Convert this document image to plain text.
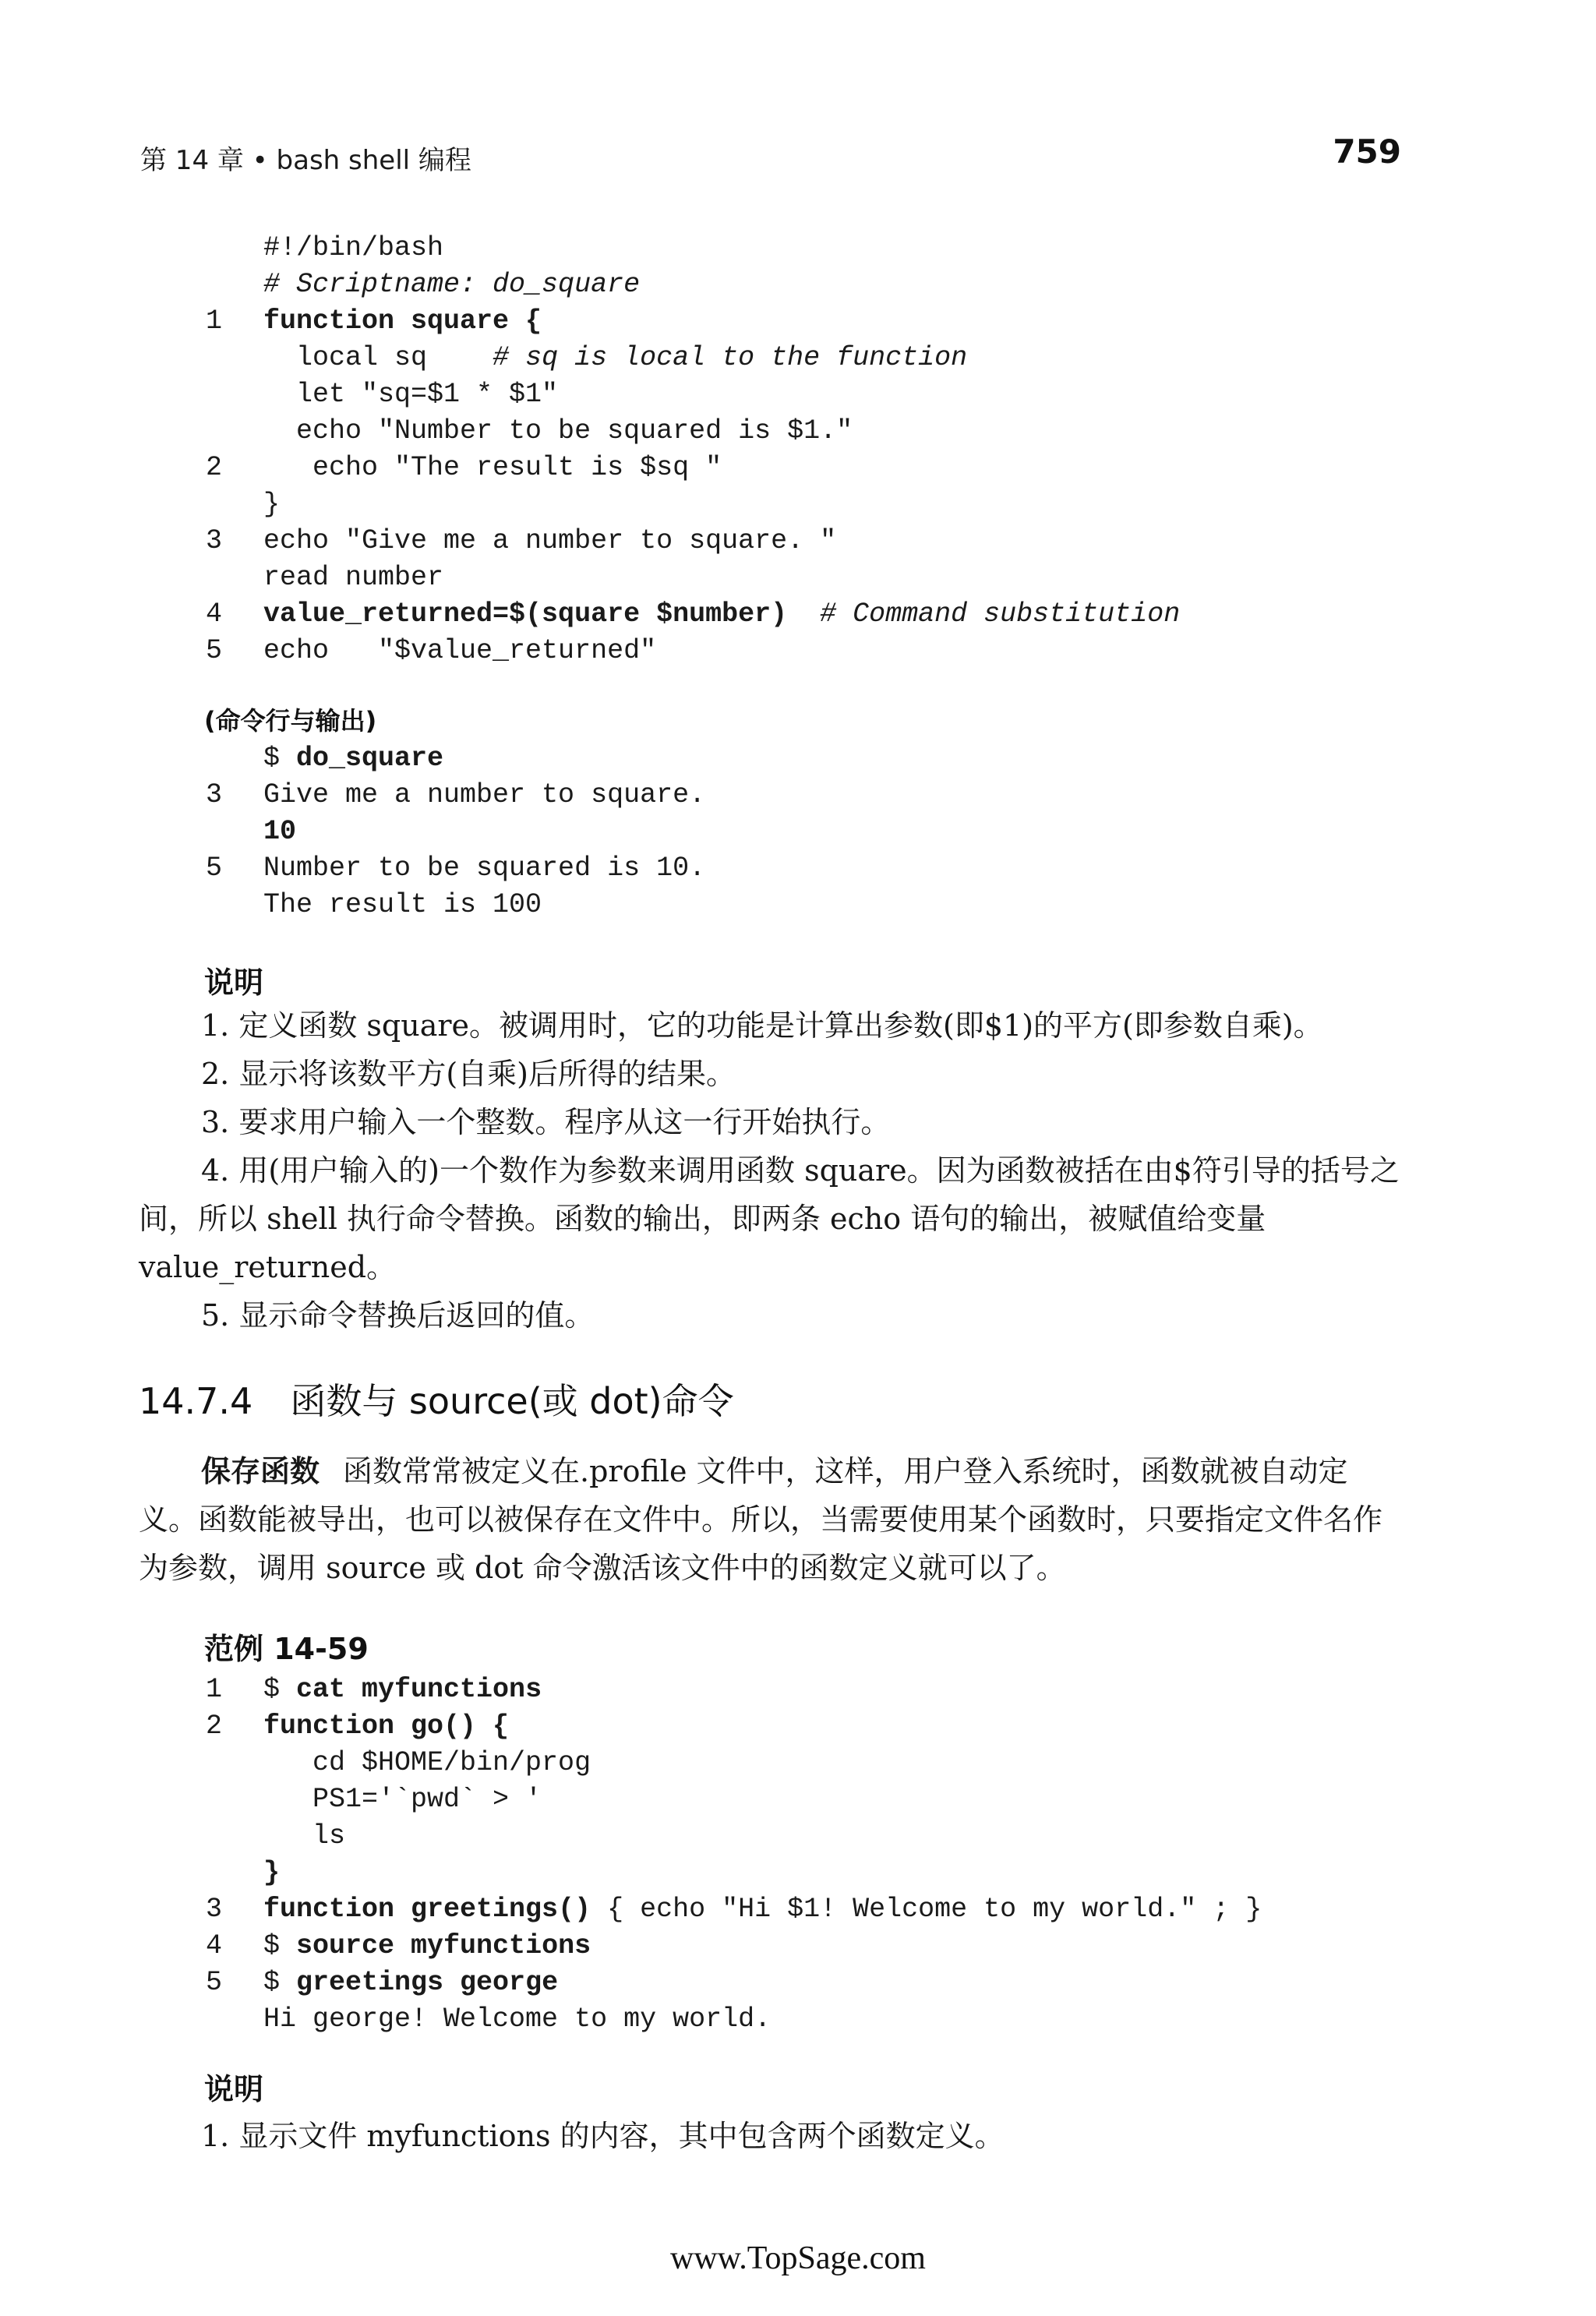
第 14 章 • bash shell 编程	759
#!/bin/bash
# Scriptname: do_square
1 function square {
local sq    # sq is local to the function
let "sq=$1 * $1"
echo "Number to be squared is $1."
2 echo "The result is $sq "
}
3 echo "Give me a number to square. "
read number
4 value_returned=$(square $number) # Command substitution
5 echo   "$value_returned"
(命令行与输出)
$ do_square
3 Give me a number to square.
10
5 Number to be squared is 10.
The result is 100
说明

1. 定义函数 square。被调用时，它的功能是计算出参数(即$1)的平方(即参数自乘)。

2. 显示将该数平方(自乘)后所得的结果。

3. 要求用户输入一个整数。程序从这一行开始执行。

4. 用(用户输入的)一个数作为参数来调用函数 square。因为函数被括在由$符引导的括号之间，所以 shell 执行命令替换。函数的输出，即两条 echo 语句的输出，被赋值给变量 value_returned。

5. 显示命令替换后返回的值。

14.7.4 函数与 source(或 dot)命令

保存函数 函数常常被定义在.profile 文件中，这样，用户登入系统时，函数就被自动定义。函数能被导出，也可以被保存在文件中。所以，当需要使用某个函数时，只要指定文件名作为参数，调用 source 或 dot 命令激活该文件中的函数定义就可以了。

范例 14-59
1 $ cat myfunctions
2 function go() {
cd $HOME/bin/prog
PS1='`pwd` > '
ls
}
3 function greetings() { echo "Hi $1! Welcome to my world." ; }
4 $ source myfunctions
5 $ greetings george
Hi george! Welcome to my world.
说明

1. 显示文件 myfunctions 的内容，其中包含两个函数定义。

www.TopSage.com
